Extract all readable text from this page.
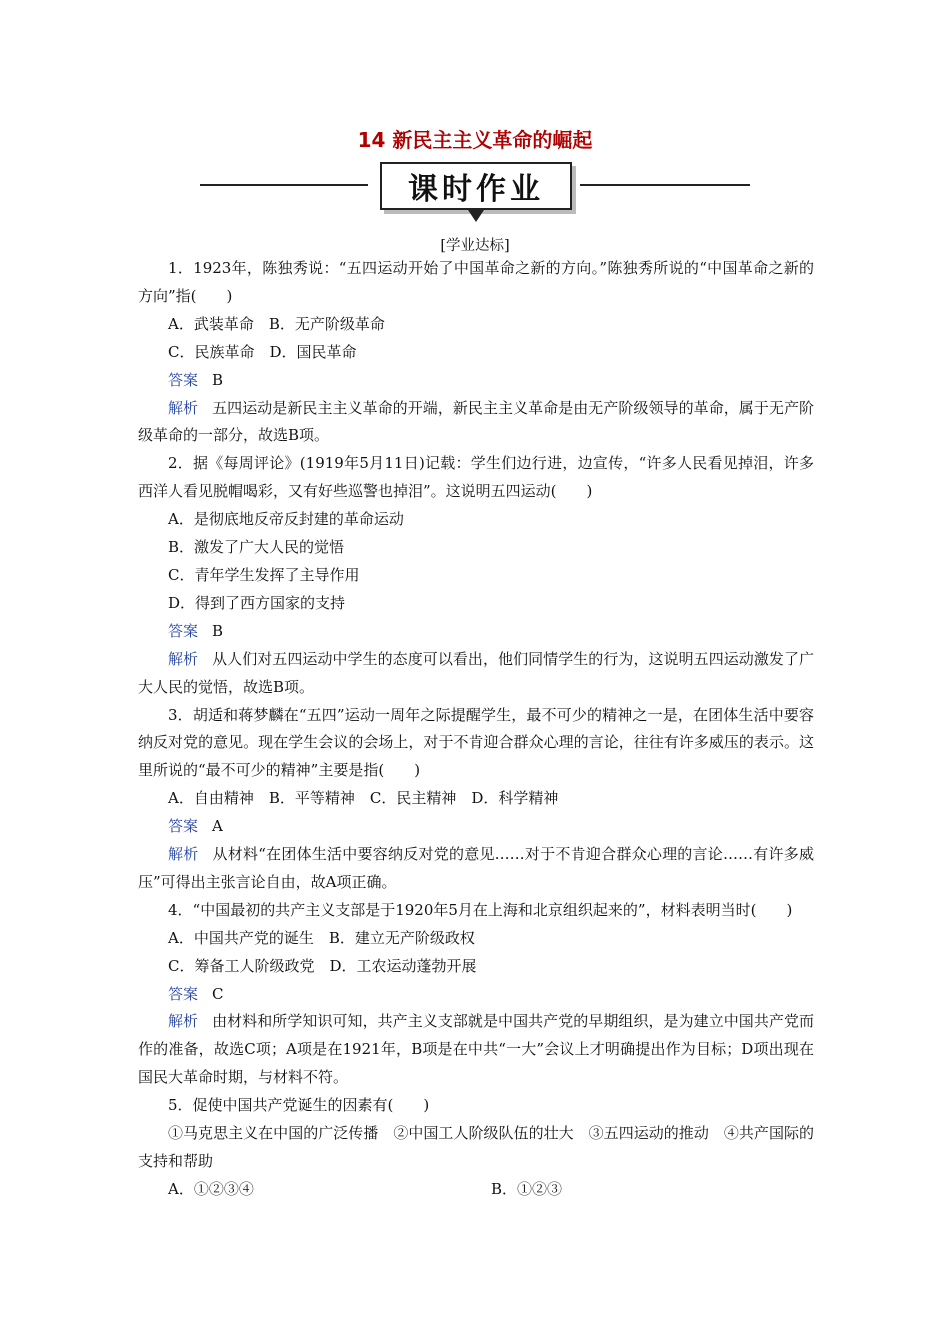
14 新民主主义革命的崛起
课时作业
[学业达标]
1．1923年，陈独秀说：“五四运动开始了中国革命之新的方向。”陈独秀所说的“中国革命之新的方向”指(　　)
A．武装革命　B．无产阶级革命
C．民族革命　D．国民革命
答案 B
解析 五四运动是新民主主义革命的开端，新民主主义革命是由无产阶级领导的革命，属于无产阶级革命的一部分，故选B项。
2．据《每周评论》(1919年5月11日)记载：学生们边行进，边宣传，“许多人民看见掉泪，许多西洋人看见脱帽喝彩，又有好些巡警也掉泪”。这说明五四运动(　　)
A．是彻底地反帝反封建的革命运动
B．激发了广大人民的觉悟
C．青年学生发挥了主导作用
D．得到了西方国家的支持
答案 B
解析 从人们对五四运动中学生的态度可以看出，他们同情学生的行为，这说明五四运动激发了广大人民的觉悟，故选B项。
3．胡适和蒋梦麟在“五四”运动一周年之际提醒学生，最不可少的精神之一是，在团体生活中要容纳反对党的意见。现在学生会议的会场上，对于不肯迎合群众心理的言论，往往有许多威压的表示。这里所说的“最不可少的精神”主要是指(　　)
A．自由精神　B．平等精神　C．民主精神　D．科学精神
答案 A
解析 从材料“在团体生活中要容纳反对党的意见……对于不肯迎合群众心理的言论……有许多威压”可得出主张言论自由，故A项正确。
4．“中国最初的共产主义支部是于1920年5月在上海和北京组织起来的”，材料表明当时(　　)
A．中国共产党的诞生　B．建立无产阶级政权
C．筹备工人阶级政党　D．工农运动蓬勃开展
答案 C
解析 由材料和所学知识可知，共产主义支部就是中国共产党的早期组织，是为建立中国共产党而作的准备，故选C项；A项是在1921年，B项是在中共“一大”会议上才明确提出作为目标；D项出现在国民大革命时期，与材料不符。
5．促使中国共产党诞生的因素有(　　)
①马克思主义在中国的广泛传播　②中国工人阶级队伍的壮大　③五四运动的推动　④共产国际的支持和帮助
A．①②③④	B．①②③
